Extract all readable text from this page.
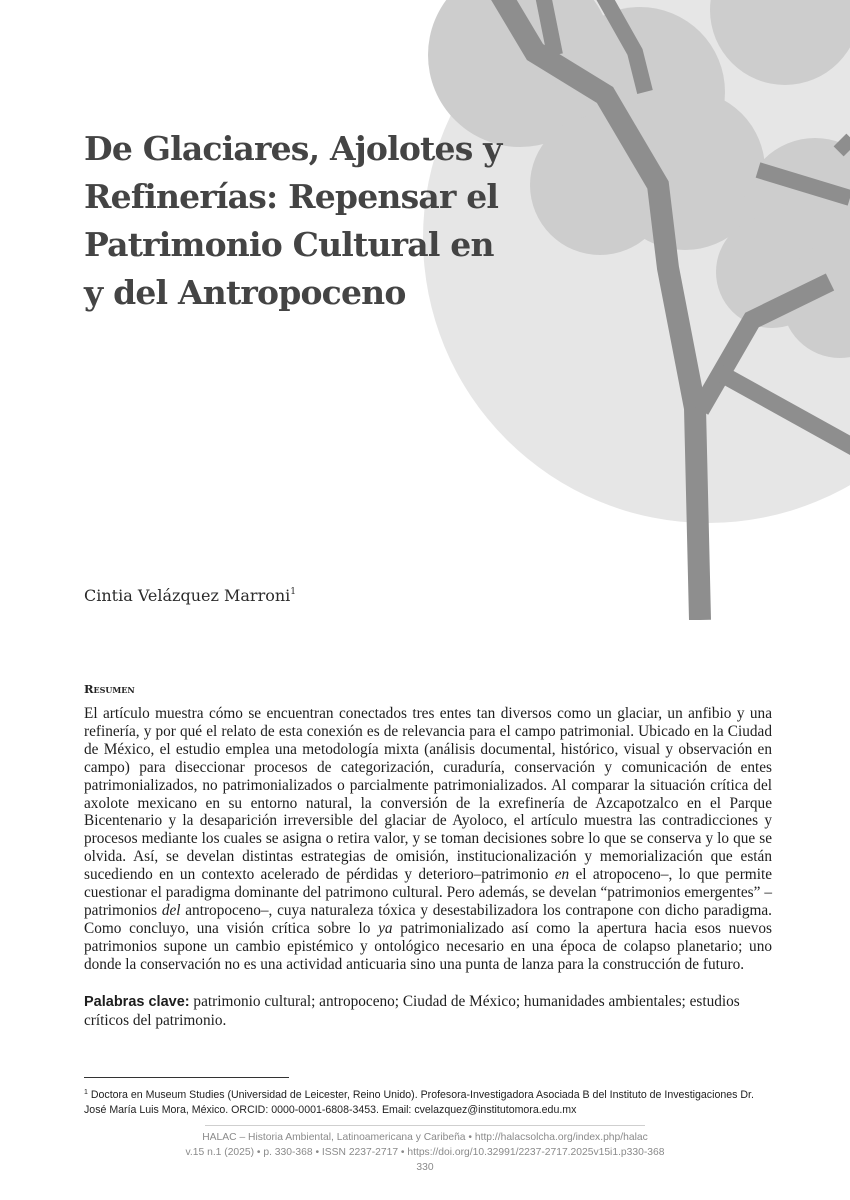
De Glaciares, Ajolotes y
Refinerías: Repensar el
Patrimonio Cultural en
y del Antropoceno
Cintia Velázquez Marroni$^1$
Resumen

El artículo muestra cómo se encuentran conectados tres entes tan diversos como un glaciar, un anfibio y una refinería, y por qué el relato de esta conexión es de relevancia para el campo patrimonial. Ubicado en la Ciudad de México, el estudio emplea una metodología mixta (análisis documental, histórico, visual y observación en campo) para diseccionar procesos de categorización, curaduría, conservación y comunicación de entes patrimonializados, no patrimonializados o parcialmente patrimonializados. Al comparar la situación crítica del axolote mexicano en su entorno natural, la conversión de la exrefinería de Azcapotzalco en el Parque Bicentenario y la desaparición irreversible del glaciar de Ayoloco, el artículo muestra las contradicciones y procesos mediante los cuales se asigna o retira valor, y se toman decisiones sobre lo que se conserva y lo que se olvida. Así, se develan distintas estrategias de omisión, institucionalización y memorialización que están sucediendo en un contexto acelerado de pérdidas y deterioro–patrimonio en el atropoceno–, lo que permite cuestionar el paradigma dominante del patrimono cultural. Pero además, se develan “patrimonios emergentes” –patrimonios del antropoceno–, cuya naturaleza tóxica y desestabilizadora los contrapone con dicho paradigma. Como concluyo, una visión crítica sobre lo ya patrimonializado así como la apertura hacia esos nuevos patrimonios supone un cambio epistémico y ontológico necesario en una época de colapso planetario; uno donde la conservación no es una actividad anticuaria sino una punta de lanza para la construcción de futuro.

Palabras clave: patrimonio cultural; antropoceno; Ciudad de México; humanidades ambientales; estudios críticos del patrimonio.

$^1$ Doctora en Museum Studies (Universidad de Leicester, Reino Unido). Profesora-Investigadora Asociada B del Instituto de Investigaciones Dr. José María Luis Mora, México. ORCID: 0000-0001-6808-3453. Email: cvelazquez@institutomora.edu.mx

HALAC – Historia Ambiental, Latinoamericana y Caribeña • http://halacsolcha.org/index.php/halac
v.15 n.1 (2025) • p. 330-368 • ISSN 2237-2717 • https://doi.org/10.32991/2237-2717.2025v15i1.p330-368
330
